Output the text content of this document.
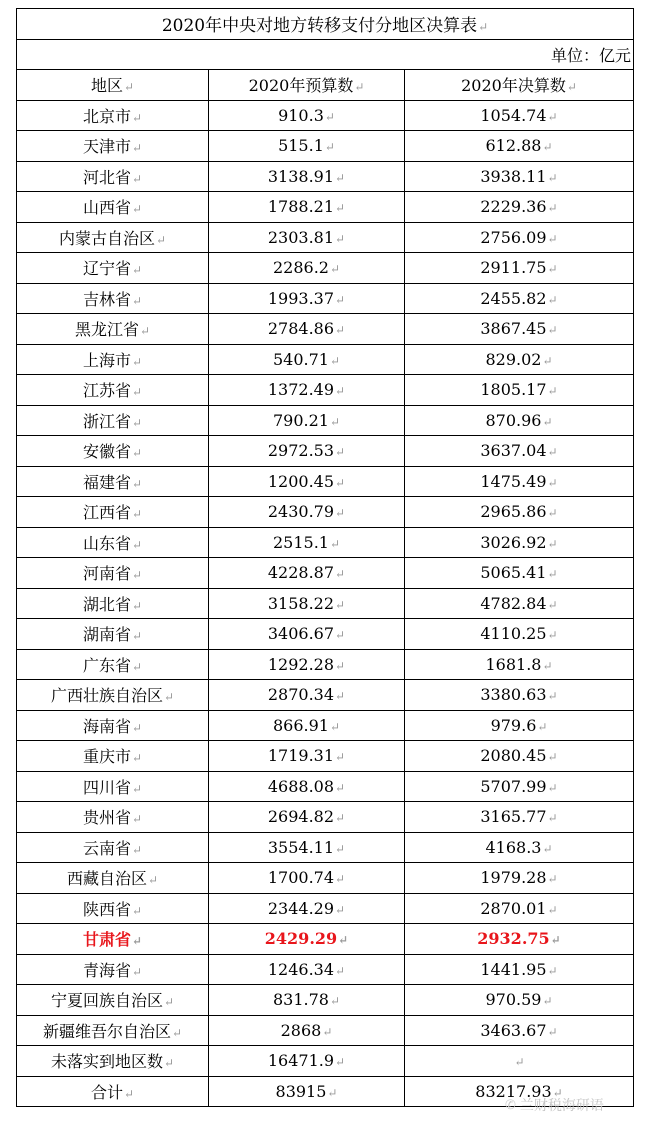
2020年中央对地方转移支付分地区决算表↵		
单位：亿元		
地区↵	2020年预算数↵	2020年决算数↵
北京市↵	910.3↵	1054.74↵
天津市↵	515.1↵	612.88↵
河北省↵	3138.91↵	3938.11↵
山西省↵	1788.21↵	2229.36↵
内蒙古自治区↵	2303.81↵	2756.09↵
辽宁省↵	2286.2↵	2911.75↵
吉林省↵	1993.37↵	2455.82↵
黑龙江省↵	2784.86↵	3867.45↵
上海市↵	540.71↵	829.02↵
江苏省↵	1372.49↵	1805.17↵
浙江省↵	790.21↵	870.96↵
安徽省↵	2972.53↵	3637.04↵
福建省↵	1200.45↵	1475.49↵
江西省↵	2430.79↵	2965.86↵
山东省↵	2515.1↵	3026.92↵
河南省↵	4228.87↵	5065.41↵
湖北省↵	3158.22↵	4782.84↵
湖南省↵	3406.67↵	4110.25↵
广东省↵	1292.28↵	1681.8↵
广西壮族自治区↵	2870.34↵	3380.63↵
海南省↵	866.91↵	979.6↵
重庆市↵	1719.31↵	2080.45↵
四川省↵	4688.08↵	5707.99↵
贵州省↵	2694.82↵	3165.77↵
云南省↵	3554.11↵	4168.3↵
西藏自治区↵	1700.74↵	1979.28↵
陕西省↵	2344.29↵	2870.01↵
甘肃省↵	2429.29↵	2932.75↵
青海省↵	1246.34↵	1441.95↵
宁夏回族自治区↵	831.78↵	970.59↵
新疆维吾尔自治区↵	2868↵	3463.67↵
未落实到地区数↵	16471.9↵	↵
合计↵	83915↵	83217.93↵
✆ 兰财税海研语
